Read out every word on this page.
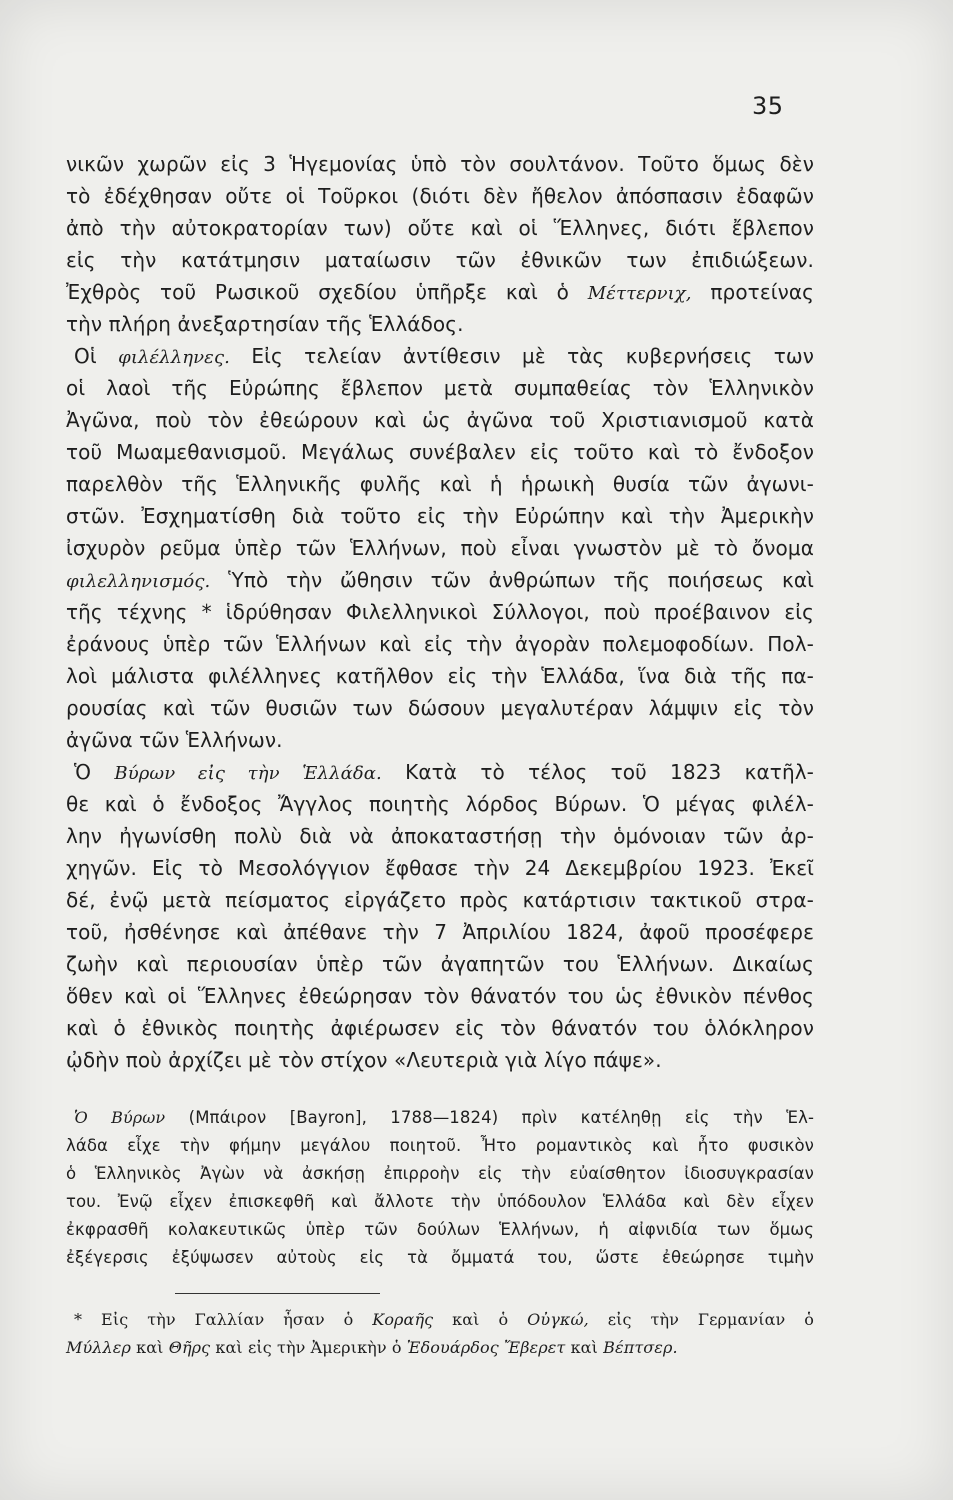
35
νικῶν χωρῶν εἰς 3 Ἡγεμονίας ὑπὸ τὸν σουλτάνον. Τοῦτο ὅμως δὲν
τὸ ἐδέχθησαν οὔτε οἱ Τοῦρκοι (διότι δὲν ἤθελον ἀπόσπασιν ἐδαφῶν
ἀπὸ τὴν αὐτοκρατορίαν των) οὔτε καὶ οἱ Ἕλληνες, διότι ἔβλεπον
εἰς τὴν κατάτμησιν ματαίωσιν τῶν ἐθνικῶν των ἐπιδιώξεων.
Ἐχθρὸς τοῦ Ρωσικοῦ σχεδίου ὑπῆρξε καὶ ὁ Μέττερνιχ, προτείνας
τὴν πλήρη ἀνεξαρτησίαν τῆς Ἑλλάδος.
Οἱ φιλέλληνες. Εἰς τελείαν ἀντίθεσιν μὲ τὰς κυβερνήσεις των
οἱ λαοὶ τῆς Εὐρώπης ἔβλεπον μετὰ συμπαθείας τὸν Ἑλληνικὸν
Ἀγῶνα, ποὺ τὸν ἐθεώρουν καὶ ὡς ἀγῶνα τοῦ Χριστιανισμοῦ κατὰ
τοῦ Μωαμεθανισμοῦ. Μεγάλως συνέβαλεν εἰς τοῦτο καὶ τὸ ἔνδοξον
παρελθὸν τῆς Ἑλληνικῆς φυλῆς καὶ ἡ ἡρωικὴ θυσία τῶν ἀγωνι-
στῶν. Ἐσχηματίσθη διὰ τοῦτο εἰς τὴν Εὐρώπην καὶ τὴν Ἀμερικὴν
ἰσχυρὸν ρεῦμα ὑπὲρ τῶν Ἑλλήνων, ποὺ εἶναι γνωστὸν μὲ τὸ ὄνομα
φιλελληνισμός. Ὑπὸ τὴν ὤθησιν τῶν ἀνθρώπων τῆς ποιήσεως καὶ
τῆς τέχνης * ἱδρύθησαν Φιλελληνικοὶ Σύλλογοι, ποὺ προέβαινον εἰς
ἐράνους ὑπὲρ τῶν Ἑλλήνων καὶ εἰς τὴν ἀγορὰν πολεμοφοδίων. Πολ-
λοὶ μάλιστα φιλέλληνες κατῆλθον εἰς τὴν Ἑλλάδα, ἵνα διὰ τῆς πα-
ρουσίας καὶ τῶν θυσιῶν των δώσουν μεγαλυτέραν λάμψιν εἰς τὸν
ἀγῶνα τῶν Ἑλλήνων.
Ὁ Βύρων εἰς τὴν Ἑλλάδα. Κατὰ τὸ τέλος τοῦ 1823 κατῆλ-
θε καὶ ὁ ἔνδοξος Ἄγγλος ποιητὴς λόρδος Βύρων. Ὁ μέγας φιλέλ-
λην ἠγωνίσθη πολὺ διὰ νὰ ἀποκαταστήσῃ τὴν ὁμόνοιαν τῶν ἀρ-
χηγῶν. Εἰς τὸ Μεσολόγγιον ἔφθασε τὴν 24 Δεκεμβρίου 1923. Ἐκεῖ
δέ, ἐνῷ μετὰ πείσματος εἰργάζετο πρὸς κατάρτισιν τακτικοῦ στρα-
τοῦ, ἠσθένησε καὶ ἀπέθανε τὴν 7 Ἀπριλίου 1824, ἀφοῦ προσέφερε
ζωὴν καὶ περιουσίαν ὑπὲρ τῶν ἀγαπητῶν του Ἑλλήνων. Δικαίως
ὅθεν καὶ οἱ Ἕλληνες ἐθεώρησαν τὸν θάνατόν του ὡς ἐθνικὸν πένθος
καὶ ὁ ἐθνικὸς ποιητὴς ἀφιέρωσεν εἰς τὸν θάνατόν του ὁλόκληρον
ᾠδὴν ποὺ ἀρχίζει μὲ τὸν στίχον «Λευτεριὰ γιὰ λίγο πάψε».
Ὁ Βύρων (Μπάιρον [Bayron], 1788—1824) πρὶν κατέληθῃ εἰς τὴν Ἑλ-
λάδα εἶχε τὴν φήμην μεγάλου ποιητοῦ. Ἦτο ρομαντικὸς καὶ ἦτο φυσικὸν
ὁ Ἑλληνικὸς Ἀγὼν νὰ ἀσκήσῃ ἐπιρροὴν εἰς τὴν εὐαίσθητον ἰδιοσυγκρασίαν
του. Ἐνῷ εἶχεν ἐπισκεφθῆ καὶ ἄλλοτε τὴν ὑπόδουλον Ἑλλάδα καὶ δὲν εἶχεν
ἐκφρασθῆ κολακευτικῶς ὑπὲρ τῶν δούλων Ἑλλήνων, ἡ αἰφνιδία των ὅμως
ἐξέγερσις ἐξύψωσεν αὐτοὺς εἰς τὰ ὄμματά του, ὥστε ἐθεώρησε τιμὴν
* Εἰς τὴν Γαλλίαν ἦσαν ὁ Κοραῆς καὶ ὁ Οὐγκώ, εἰς τὴν Γερμανίαν ὁ
Μύλλερ καὶ Θῆρς καὶ εἰς τὴν Ἀμερικὴν ὁ Ἐδουάρδος Ἔβερετ καὶ Βέπτσερ.
